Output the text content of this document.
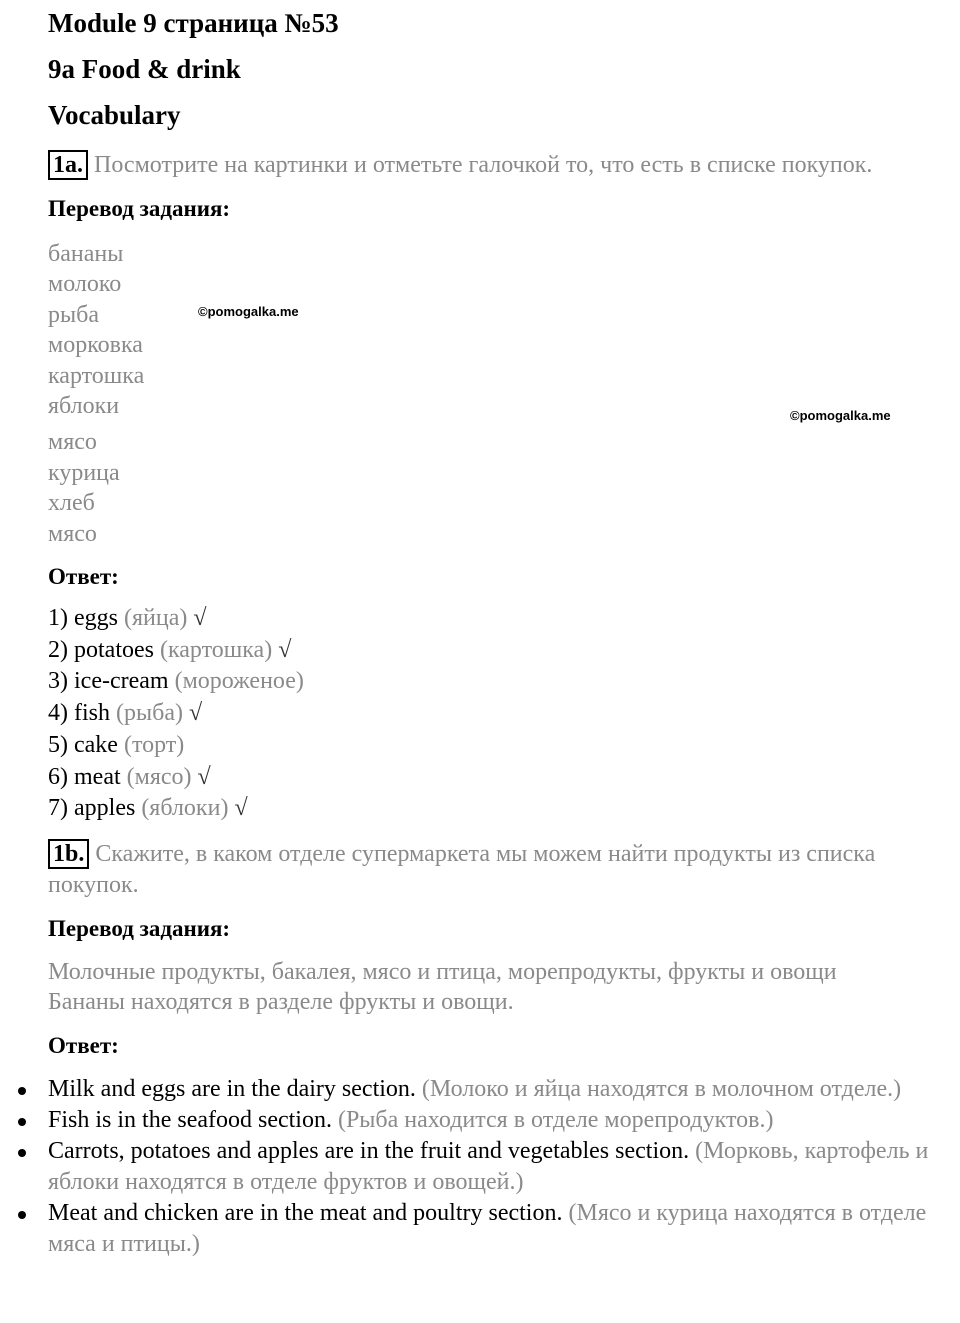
Module 9 страница №53

9a Food & drink

Vocabulary

1a. Посмотрите на картинки и отметьте галочкой то, что есть в списке покупок.

Перевод задания:

бананы

молоко

рыба

морковка

картошка

яблоки

мясо

курица

хлеб

мясо

Ответ:

1) eggs (яйца) √

2) potatoes (картошка) √

3) ice-cream (мороженое)

4) fish (рыба) √

5) cake (торт)

6) meat (мясо) √

7) apples (яблоки) √

1b. Скажите, в каком отделе супермаркета мы можем найти продукты из списка покупок.

Перевод задания:

Молочные продукты, бакалея, мясо и птица, морепродукты, фрукты и овощи

Бананы находятся в разделе фрукты и овощи.

Ответ:

Milk and eggs are in the dairy section. (Молоко и яйца находятся в молочном отделе.)
Fish is in the seafood section. (Рыба находится в отделе морепродуктов.)
Carrots, potatoes and apples are in the fruit and vegetables section. (Морковь, картофель и яблоки находятся в отделе фруктов и овощей.)
Meat and chicken are in the meat and poultry section. (Мясо и курица находятся в отделе мяса и птицы.)
©pomogalka.me
©pomogalka.me
